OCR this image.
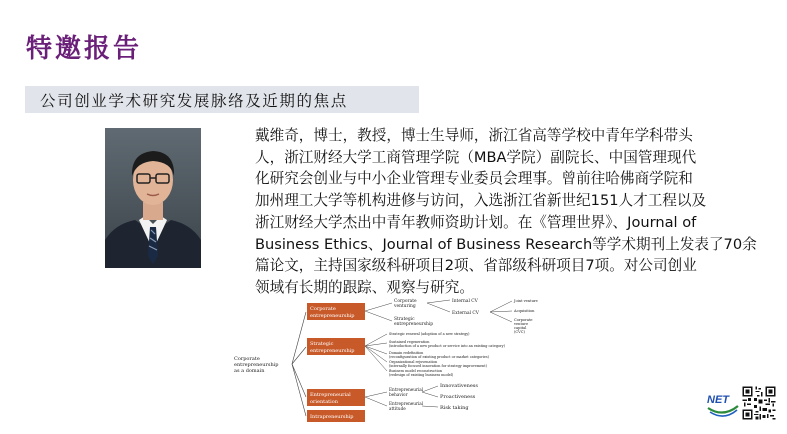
特邀报告
公司创业学术研究发展脉络及近期的焦点
戴维奇，博士，教授，博士生导师，浙江省高等学校中青年学科带头
人，浙江财经大学工商管理学院（MBA学院）副院长、中国管理现代
化研究会创业与中小企业管理专业委员会理事。曾前往哈佛商学院和
加州理工大学等机构进修与访问，入选浙江省新世纪151人才工程以及
浙江财经大学杰出中青年教师资助计划。在《管理世界》、Journal of
Business Ethics、Journal of Business Research等学术期刊上发表了70余
篇论文，主持国家级科研项目2项、省部级科研项目7项。对公司创业
领域有长期的跟踪、观察与研究。
Corporate entrepreneurship as a domain
Corporate entrepreneurship
Strategic entrepreneurship
Entrepreneurial orientation
Intrapreneurship
Corporate venturing
Strategic entrepreneurship
Internal CV
External CV
Joint venture
Acquisition
Corporate venture capital (CVC)
Strategic renewal (adoption of a new strategy)
Sustained regeneration (introduction of a new product or service into an existing category)
Domain redefinition (reconfiguration of existing product or market categories)
Organizational rejuvenation (internally focused innovation for strategy improvement)
Business model reconstruction (redesign of existing business model)
Entrepreneurial behavior
Entrepreneurial attitude
Innovativeness
Proactiveness
Risk taking
NET
